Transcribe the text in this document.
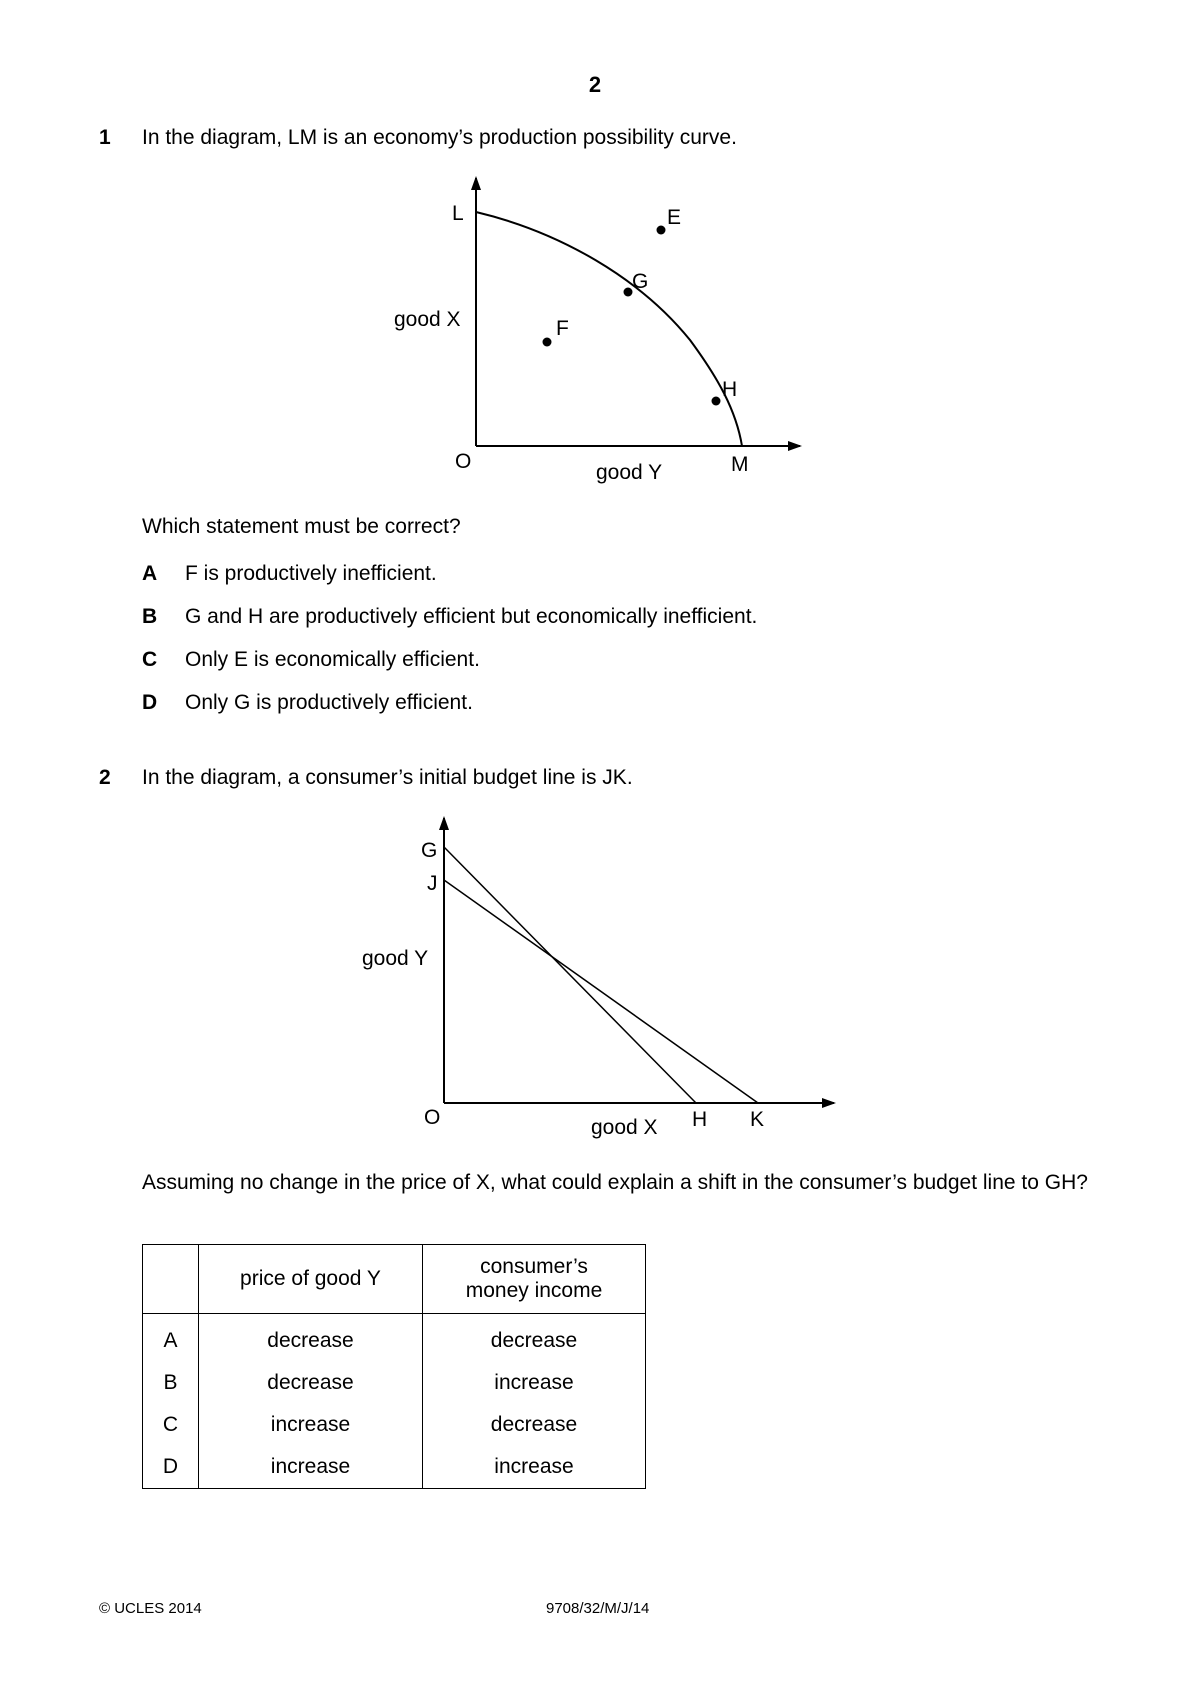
2
1 In the diagram, LM is an economy’s production possibility curve.
L	E
G
F
H
good X
O	good Y	M
Which statement must be correct?
A F is productively inefficient.
B G and H are productively efficient but economically inefficient.
C Only E is economically efficient.
D Only G is productively efficient.
2 In the diagram, a consumer’s initial budget line is JK.
G
J
good Y
O	good X H K
Assuming no change in the price of X, what could explain a shift in the consumer’s budget line to GH?
	price of good Y	consumer’s money income

A	decrease	decrease
B	decrease	increase
C	increase	decrease
D	increase	increase
© UCLES 2014	9708/32/M/J/14
